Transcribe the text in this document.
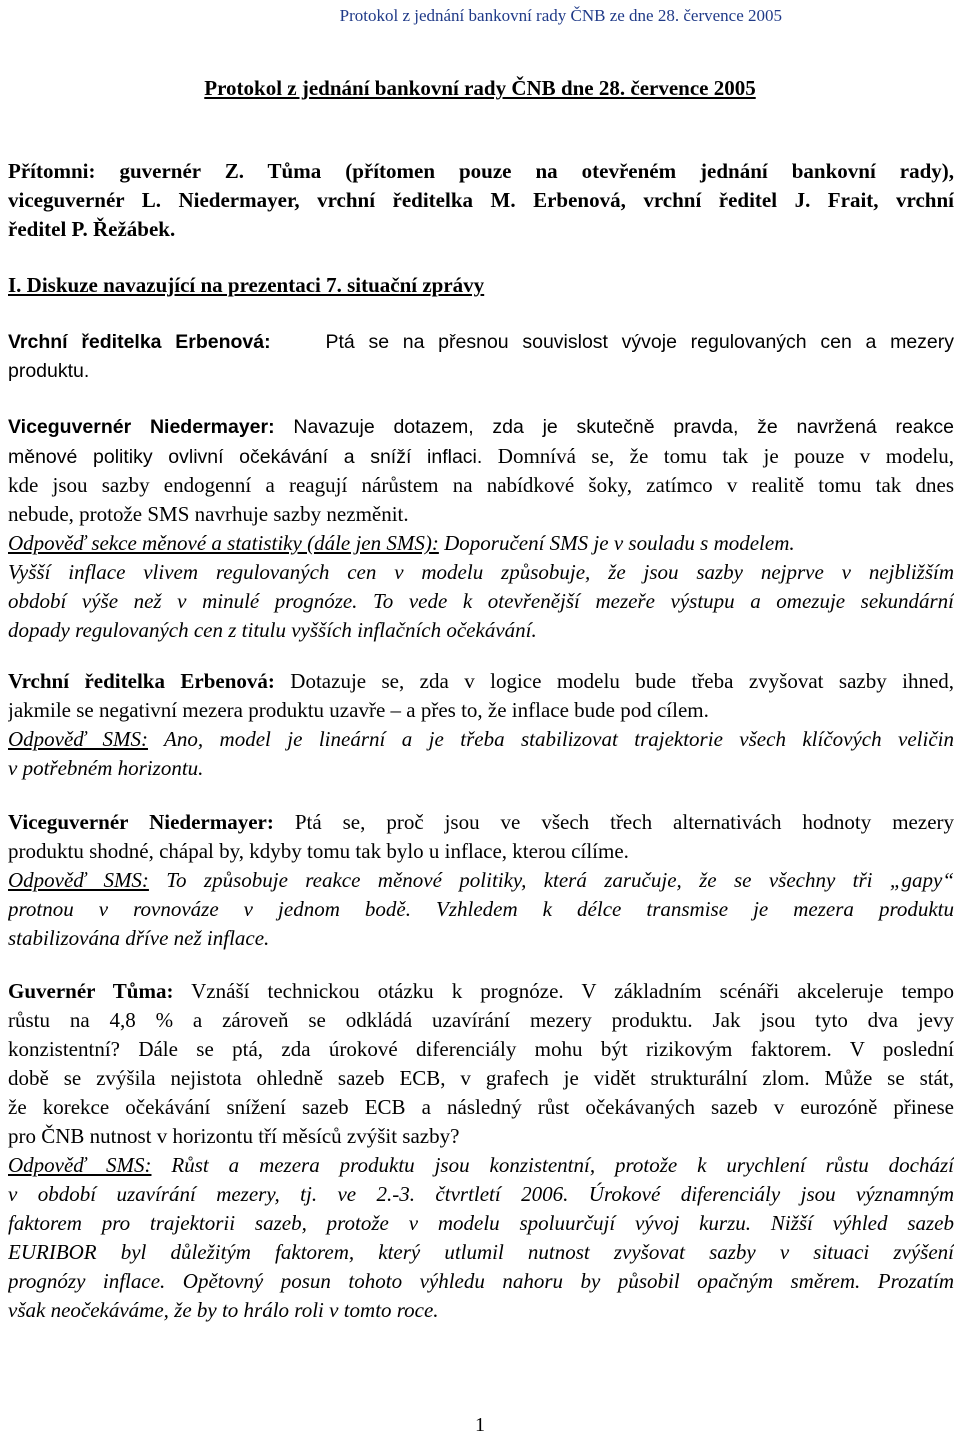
Protokol z jednání bankovní rady ČNB ze dne 28. července 2005
Protokol z jednání bankovní rady ČNB dne 28. července 2005
Přítomni: guvernér Z. Tůma (přítomen pouze na otevřeném jednání bankovní rady),
viceguvernér L. Niedermayer, vrchní ředitelka M. Erbenová, vrchní ředitel J. Frait, vrchní
ředitel P. Řežábek.
I. Diskuze navazující na prezentaci 7. situační zprávy
Vrchní ředitelka Erbenová:	Ptá se na přesnou souvislost vývoje regulovaných cen a mezery
produktu.
Viceguvernér Niedermayer: Navazuje dotazem, zda je skutečně pravda, že navržená reakce
měnové politiky ovlivní očekávání a sníží inflaci. Domnívá se, že tomu tak je pouze v modelu,
kde jsou sazby endogenní a reagují nárůstem na nabídkové šoky, zatímco v realitě tomu tak dnes
nebude, protože SMS navrhuje sazby nezměnit.
Odpověď sekce měnové a statistiky (dále jen SMS): Doporučení SMS je v souladu s modelem.
Vyšší inflace vlivem regulovaných cen v modelu způsobuje, že jsou sazby nejprve v nejbližším
období výše než v minulé prognóze. To vede k otevřenější mezeře výstupu a omezuje sekundární
dopady regulovaných cen z titulu vyšších inflačních očekávání.
Vrchní ředitelka Erbenová: Dotazuje se, zda v logice modelu bude třeba zvyšovat sazby ihned,
jakmile se negativní mezera produktu uzavře – a přes to, že inflace bude pod cílem.
Odpověď SMS: Ano, model je lineární a je třeba stabilizovat trajektorie všech klíčových veličin
v potřebném horizontu.
Viceguvernér Niedermayer: Ptá se, proč jsou ve všech třech alternativách hodnoty mezery
produktu shodné, chápal by, kdyby tomu tak bylo u inflace, kterou cílíme.
Odpověď SMS: To způsobuje reakce měnové politiky, která zaručuje, že se všechny tři „gapy“
protnou v rovnováze v jednom bodě. Vzhledem k délce transmise je mezera produktu
stabilizována dříve než inflace.
Guvernér Tůma: Vznáší technickou otázku k prognóze. V základním scénáři akceleruje tempo
růstu na 4,8 % a zároveň se odkládá uzavírání mezery produktu. Jak jsou tyto dva jevy
konzistentní? Dále se ptá, zda úrokové diferenciály mohu být rizikovým faktorem. V poslední
době se zvýšila nejistota ohledně sazeb ECB, v grafech je vidět strukturální zlom. Může se stát,
že korekce očekávání snížení sazeb ECB a následný růst očekávaných sazeb v eurozóně přinese
pro ČNB nutnost v horizontu tří měsíců zvýšit sazby?
Odpověď SMS: Růst a mezera produktu jsou konzistentní, protože k urychlení růstu dochází
v období uzavírání mezery, tj. ve 2.-3. čtvrtletí 2006. Úrokové diferenciály jsou významným
faktorem pro trajektorii sazeb, protože v modelu spoluurčují vývoj kurzu. Nižší výhled sazeb
EURIBOR byl důležitým faktorem, který utlumil nutnost zvyšovat sazby v situaci zvýšení
prognózy inflace. Opětovný posun tohoto výhledu nahoru by působil opačným směrem. Prozatím
však neočekáváme, že by to hrálo roli v tomto roce.
1
